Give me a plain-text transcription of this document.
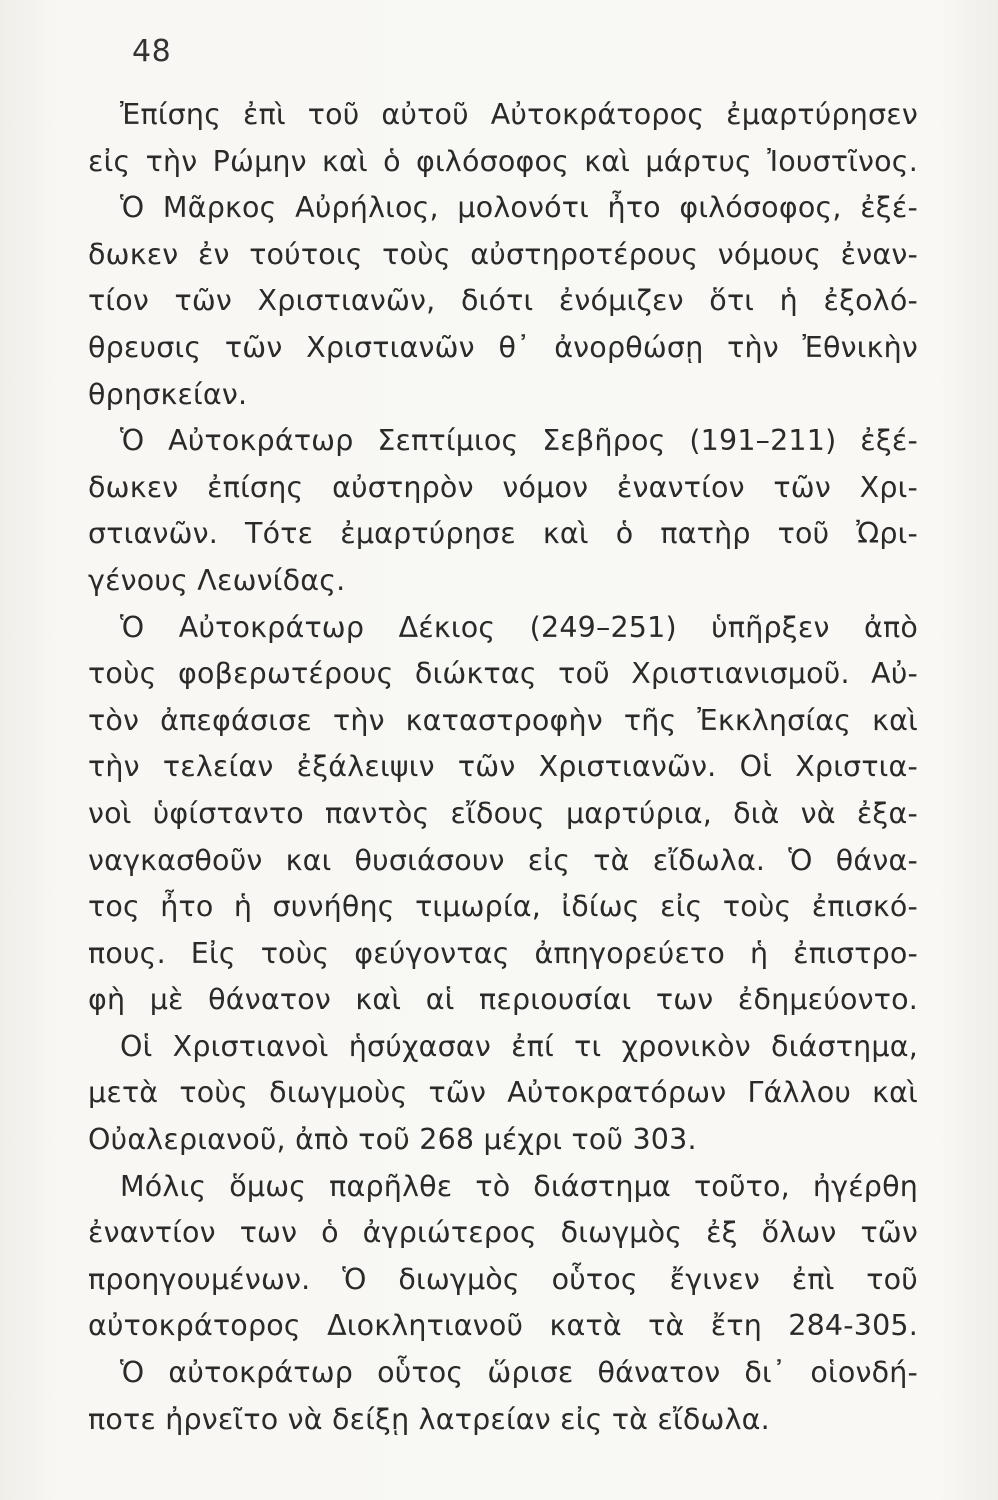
48
Ἐπίσης ἐπὶ τοῦ αὐτοῦ Αὐτοκράτορος ἐμαρτύρησεν
εἰς τὴν Ρώμην καὶ ὁ φιλόσοφος καὶ μάρτυς Ἰουστῖνος.
Ὁ Μᾶρκος Αὐρήλιος, μολονότι ἦτο φιλόσοφος, ἐξέ-
δωκεν ἐν τούτοις τοὺς αὐστηροτέρους νόμους ἐναν-
τίον τῶν Χριστιανῶν, διότι ἐνόμιζεν ὅτι ἡ ἐξολό-
θρευσις τῶν Χριστιανῶν θ᾽ ἀνορθώσῃ τὴν Ἐθνικὴν
θρησκείαν.
Ὁ Αὐτοκράτωρ Σεπτίμιος Σεβῆρος (191–211) ἐξέ-
δωκεν ἐπίσης αὐστηρὸν νόμον ἐναντίον τῶν Χρι-
στιανῶν. Τότε ἐμαρτύρησε καὶ ὁ πατὴρ τοῦ Ὠρι-
γένους Λεωνίδας.
Ὁ Αὐτοκράτωρ Δέκιος (249–251) ὑπῆρξεν ἀπὸ
τοὺς φοβερωτέρους διώκτας τοῦ Χριστιανισμοῦ. Αὐ-
τὸν ἀπεφάσισε τὴν καταστροφὴν τῆς Ἐκκλησίας καὶ
τὴν τελείαν ἐξάλειψιν τῶν Χριστιανῶν. Οἱ Χριστια-
νοὶ ὑφίσταντο παντὸς εἴδους μαρτύρια, διὰ νὰ ἐξα-
ναγκασθοῦν και θυσιάσουν εἰς τὰ εἴδωλα. Ὁ θάνα-
τος ἦτο ἡ συνήθης τιμωρία, ἰδίως εἰς τοὺς ἐπισκό-
πους. Εἰς τοὺς φεύγοντας ἀπηγορεύετο ἡ ἐπιστρο-
φὴ μὲ θάνατον καὶ αἱ περιουσίαι των ἐδημεύοντο.
Οἱ Χριστιανοὶ ἡσύχασαν ἐπί τι χρονικὸν διάστημα,
μετὰ τοὺς διωγμοὺς τῶν Αὐτοκρατόρων Γάλλου καὶ
Οὐαλεριανοῦ, ἀπὸ τοῦ 268 μέχρι τοῦ 303.
Μόλις ὅμως παρῆλθε τὸ διάστημα τοῦτο, ἠγέρθη
ἐναντίον των ὁ ἀγριώτερος διωγμὸς ἐξ ὅλων τῶν
προηγουμένων. Ὁ διωγμὸς οὗτος ἔγινεν ἐπὶ τοῦ
αὐτοκράτορος Διοκλητιανοῦ κατὰ τὰ ἔτη 284-305.
Ὁ αὐτοκράτωρ οὗτος ὥρισε θάνατον δι᾽ οἱονδή-
ποτε ἠρνεῖτο νὰ δείξῃ λατρείαν εἰς τὰ εἴδωλα.
